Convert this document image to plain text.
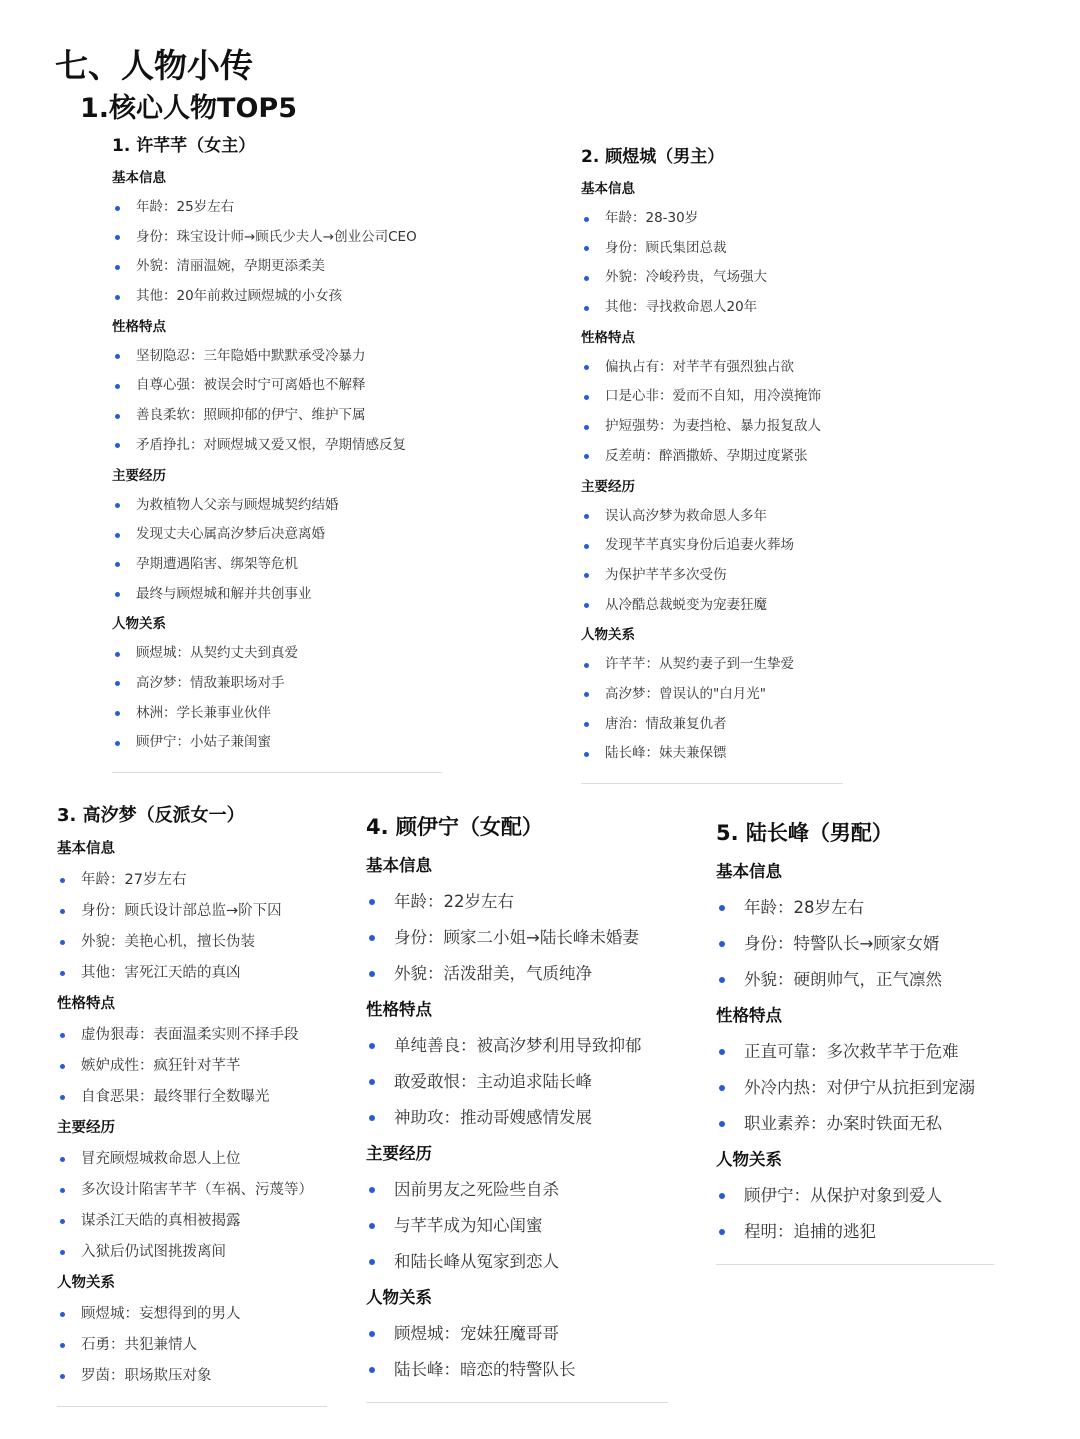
七、人物小传
1.核心人物TOP5
1. 许芊芊（女主）
基本信息
年龄：25岁左右
身份：珠宝设计师→顾氏少夫人→创业公司CEO
外貌：清丽温婉，孕期更添柔美
其他：20年前救过顾煜城的小女孩
性格特点
坚韧隐忍：三年隐婚中默默承受冷暴力
自尊心强：被误会时宁可离婚也不解释
善良柔软：照顾抑郁的伊宁、维护下属
矛盾挣扎：对顾煜城又爱又恨，孕期情感反复
主要经历
为救植物人父亲与顾煜城契约结婚
发现丈夫心属高汐梦后决意离婚
孕期遭遇陷害、绑架等危机
最终与顾煜城和解并共创事业
人物关系
顾煜城：从契约丈夫到真爱
高汐梦：情敌兼职场对手
林洲：学长兼事业伙伴
顾伊宁：小姑子兼闺蜜
2. 顾煜城（男主）
基本信息
年龄：28-30岁
身份：顾氏集团总裁
外貌：冷峻矜贵，气场强大
其他：寻找救命恩人20年
性格特点
偏执占有：对芊芊有强烈独占欲
口是心非：爱而不自知，用冷漠掩饰
护短强势：为妻挡枪、暴力报复敌人
反差萌：醉酒撒娇、孕期过度紧张
主要经历
误认高汐梦为救命恩人多年
发现芊芊真实身份后追妻火葬场
为保护芊芊多次受伤
从冷酷总裁蜕变为宠妻狂魔
人物关系
许芊芊：从契约妻子到一生挚爱
高汐梦：曾误认的"白月光"
唐治：情敌兼复仇者
陆长峰：妹夫兼保镖
3. 高汐梦（反派女一）
基本信息
年龄：27岁左右
身份：顾氏设计部总监→阶下囚
外貌：美艳心机，擅长伪装
其他：害死江天皓的真凶
性格特点
虚伪狠毒：表面温柔实则不择手段
嫉妒成性：疯狂针对芊芊
自食恶果：最终罪行全数曝光
主要经历
冒充顾煜城救命恩人上位
多次设计陷害芊芊（车祸、污蔑等）
谋杀江天皓的真相被揭露
入狱后仍试图挑拨离间
人物关系
顾煜城：妄想得到的男人
石勇：共犯兼情人
罗茵：职场欺压对象
4. 顾伊宁（女配）
基本信息
年龄：22岁左右
身份：顾家二小姐→陆长峰未婚妻
外貌：活泼甜美，气质纯净
性格特点
单纯善良：被高汐梦利用导致抑郁
敢爱敢恨：主动追求陆长峰
神助攻：推动哥嫂感情发展
主要经历
因前男友之死险些自杀
与芊芊成为知心闺蜜
和陆长峰从冤家到恋人
人物关系
顾煜城：宠妹狂魔哥哥
陆长峰：暗恋的特警队长
5. 陆长峰（男配）
基本信息
年龄：28岁左右
身份：特警队长→顾家女婿
外貌：硬朗帅气，正气凛然
性格特点
正直可靠：多次救芊芊于危难
外冷内热：对伊宁从抗拒到宠溺
职业素养：办案时铁面无私
人物关系
顾伊宁：从保护对象到爱人
程明：追捕的逃犯
